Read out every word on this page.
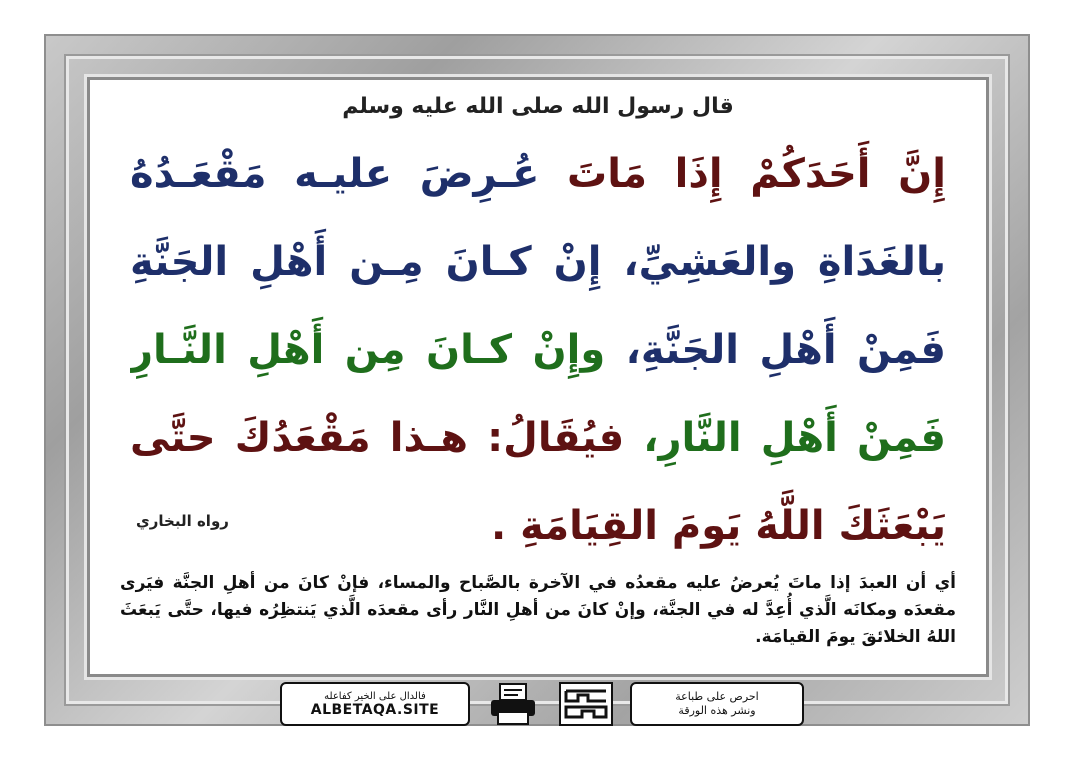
قال رسول الله صلى الله عليه وسلم
إِنَّ أَحَدَكُمْ إِذَا مَاتَ عُـرِضَ عليـه مَقْعَـدُهُ
بالغَدَاةِ والعَشِيِّ، إِنْ كـانَ مِـن أَهْلِ الجَنَّةِ
فَمِنْ أَهْلِ الجَنَّةِ، وإِنْ كـانَ مِن أَهْلِ النَّـارِ
فَمِنْ أَهْلِ النَّارِ، فيُقَالُ: هـذا مَقْعَدُكَ حتَّى
يَبْعَثَكَ اللَّهُ يَومَ القِيَامَةِ .
رواه البخاري
أي أن العبدَ إذا ماتَ يُعرضُ عليه مقعدُه في الآخرة بالصَّباح والمساء، فإنْ كانَ من أهلِ الجنَّة فيَرى مقعدَه ومكانَه الَّذي أُعِدَّ له في الجنَّة، وإنْ كانَ من أهلِ النَّار رأى مقعدَه الَّذي يَنتظِرُه فيها، حتَّى يَبعَثَ اللهُ الخلائقَ يومَ القيامَة.
فالدال على الخير كفاعله
ALBETAQA.SITE
احرص على طباعة
ونشر هذه الورقة
